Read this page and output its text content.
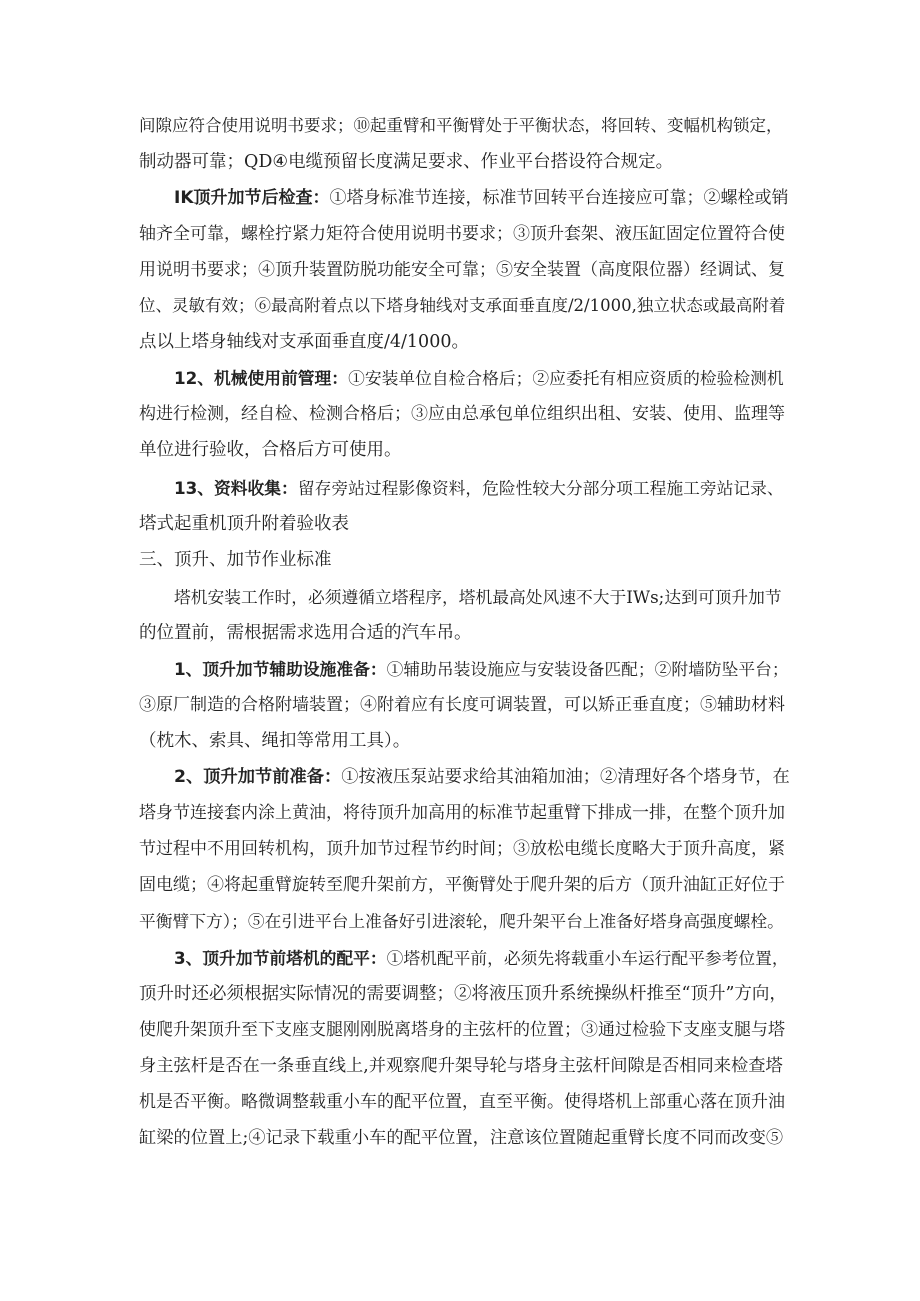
间隙应符合使用说明书要求；⑩起重臂和平衡臂处于平衡状态，将回转、变幅机构锁定，
制动器可靠；QD④电缆预留长度满足要求、作业平台搭设符合规定。
IK顶升加节后检查：①塔身标准节连接，标准节回转平台连接应可靠；②螺栓或销
轴齐全可靠，螺栓拧紧力矩符合使用说明书要求；③顶升套架、液压缸固定位置符合使
用说明书要求；④顶升装置防脱功能安全可靠；⑤安全装置（高度限位器）经调试、复
位、灵敏有效；⑥最高附着点以下塔身轴线对支承面垂直度/2/1000,独立状态或最高附着
点以上塔身轴线对支承面垂直度/4/1000。
12、机械使用前管理：①安装单位自检合格后；②应委托有相应资质的检验检测机
构进行检测，经自检、检测合格后；③应由总承包单位组织出租、安装、使用、监理等
单位进行验收，合格后方可使用。
13、资料收集：留存旁站过程影像资料，危险性较大分部分项工程施工旁站记录、
塔式起重机顶升附着验收表
三、顶升、加节作业标准
塔机安装工作时，必须遵循立塔程序，塔机最高处风速不大于IWs;达到可顶升加节
的位置前，需根据需求选用合适的汽车吊。
1、顶升加节辅助设施准备：①辅助吊装设施应与安装设备匹配；②附墙防坠平台；
③原厂制造的合格附墙装置；④附着应有长度可调装置，可以矫正垂直度；⑤辅助材料
（枕木、索具、绳扣等常用工具）。
2、顶升加节前准备：①按液压泵站要求给其油箱加油；②清理好各个塔身节，在
塔身节连接套内涂上黄油，将待顶升加高用的标准节起重臂下排成一排，在整个顶升加
节过程中不用回转机构，顶升加节过程节约时间；③放松电缆长度略大于顶升高度，紧
固电缆；④将起重臂旋转至爬升架前方，平衡臂处于爬升架的后方（顶升油缸正好位于
平衡臂下方）；⑤在引进平台上准备好引进滚轮，爬升架平台上准备好塔身高强度螺栓。
3、顶升加节前塔机的配平：①塔机配平前，必须先将载重小车运行配平参考位置，
顶升时还必须根据实际情况的需要调整；②将液压顶升系统操纵杆推至“顶升”方向，
使爬升架顶升至下支座支腿刚刚脱离塔身的主弦杆的位置；③通过检验下支座支腿与塔
身主弦杆是否在一条垂直线上,并观察爬升架导轮与塔身主弦杆间隙是否相同来检查塔
机是否平衡。略微调整载重小车的配平位置，直至平衡。使得塔机上部重心落在顶升油
缸梁的位置上;④记录下载重小车的配平位置，注意该位置随起重臂长度不同而改变⑤
